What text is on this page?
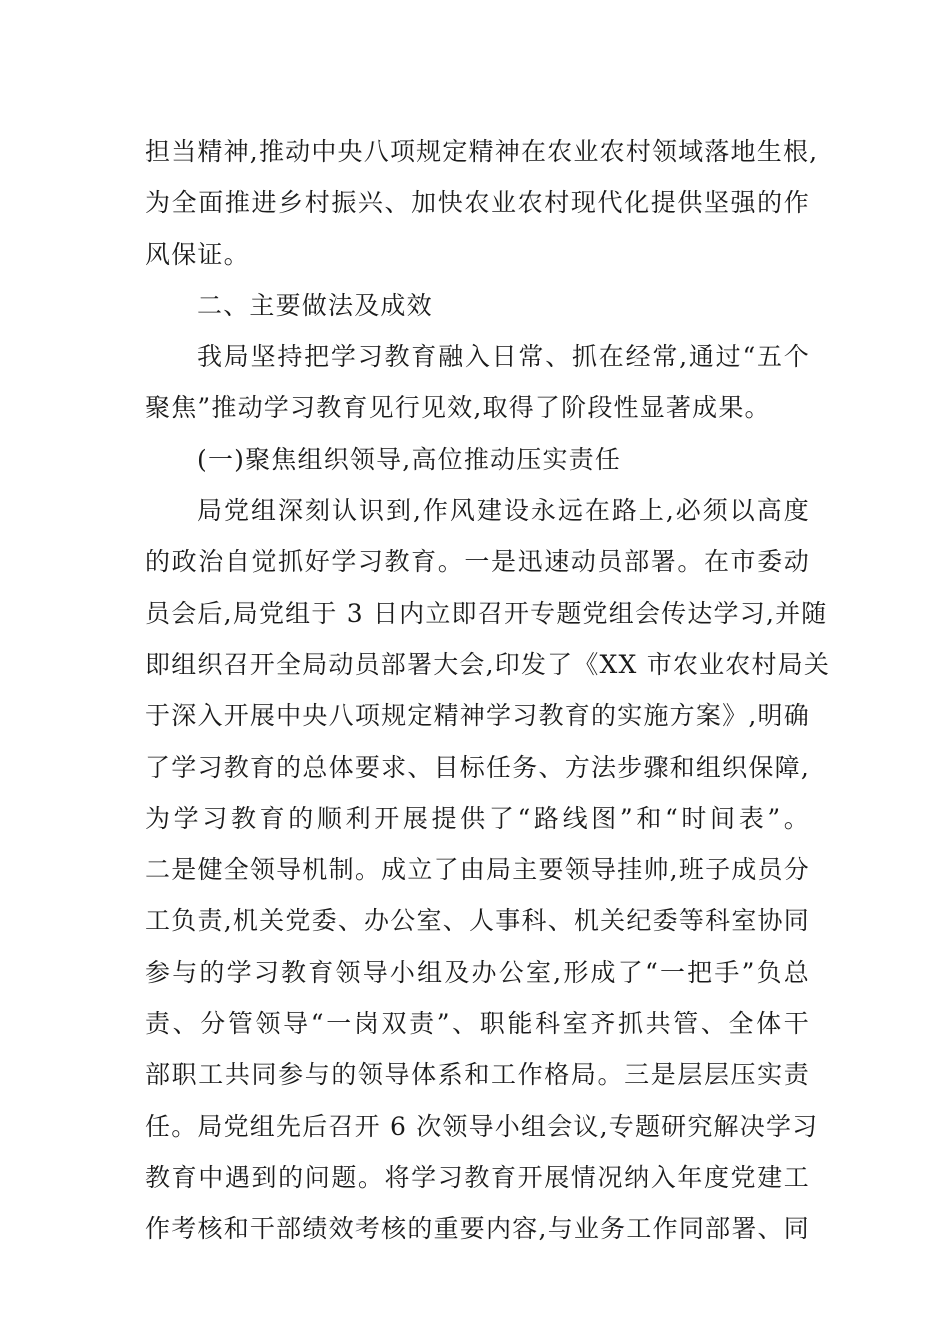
担当精神,推动中央八项规定精神在农业农村领域落地生根,
为全面推进乡村振兴、加快农业农村现代化提供坚强的作
风保证。
二、主要做法及成效
我局坚持把学习教育融入日常、抓在经常,通过“五个
聚焦”推动学习教育见行见效,取得了阶段性显著成果。
(一)聚焦组织领导,高位推动压实责任
局党组深刻认识到,作风建设永远在路上,必须以高度
的政治自觉抓好学习教育。一是迅速动员部署。在市委动
员会后,局党组于 3 日内立即召开专题党组会传达学习,并随
即组织召开全局动员部署大会,印发了《XX 市农业农村局关
于深入开展中央八项规定精神学习教育的实施方案》,明确
了学习教育的总体要求、目标任务、方法步骤和组织保障,
为学习教育的顺利开展提供了“路线图”和“时间表”。
二是健全领导机制。成立了由局主要领导挂帅,班子成员分
工负责,机关党委、办公室、人事科、机关纪委等科室协同
参与的学习教育领导小组及办公室,形成了“一把手”负总
责、分管领导“一岗双责”、职能科室齐抓共管、全体干
部职工共同参与的领导体系和工作格局。三是层层压实责
任。局党组先后召开 6 次领导小组会议,专题研究解决学习
教育中遇到的问题。将学习教育开展情况纳入年度党建工
作考核和干部绩效考核的重要内容,与业务工作同部署、同
